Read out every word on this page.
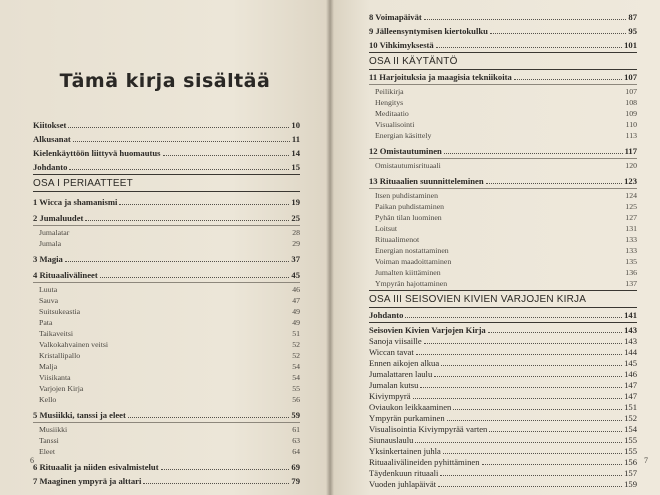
Tämä kirja sisältää
Kiitokset	10
Alkusanat	11
Kielenkäyttöön liittyvä huomautus	14
Johdanto	15
OSA I PERIAATTEET
1 Wicca ja shamanismi	19
2 Jumaluudet	25
Jumalatar	28
Jumala	29
3 Magia	37
4 Rituaalivälineet	45
Luuta	46
Sauva	47
Suitsukeastia	49
Pata	49
Taikaveitsi	51
Valkokahvainen veitsi	52
Kristallipallo	52
Malja	54
Viisikanta	54
Varjojen Kirja	55
Kello	56
5 Musiikki, tanssi ja eleet	59
Musiikki	61
Tanssi	63
Eleet	64
6 Rituaalit ja niiden esivalmistelut	69
7 Maaginen ympyrä ja alttari	79
6
8 Voimapäivät	87
9 Jälleensyntymisen kiertokulku	95
10 Vihkimyksestä	101
OSA II KÄYTÄNTÖ
11 Harjoituksia ja maagisia tekniikoita	107
Peilikirja	107
Hengitys	108
Meditaatio	109
Visualisointi	110
Energian käsittely	113
12 Omistautuminen	117
Omistautumisrituaali	120
13 Rituaalien suunnitteleminen	123
Itsen puhdistaminen	124
Paikan puhdistaminen	125
Pyhän tilan luominen	127
Loitsut	131
Rituaalimenot	133
Energian nostattaminen	133
Voiman maadoittaminen	135
Jumalten kiittäminen	136
Ympyrän hajottaminen	137
OSA III SEISOVIEN KIVIEN VARJOJEN KIRJA
Johdanto	141
Seisovien Kivien Varjojen Kirja	143
Sanoja viisaille	143
Wiccan tavat	144
Ennen aikojen alkua	145
Jumalattaren laulu	146
Jumalan kutsu	147
Kiviympyrä	147
Oviaukon leikkaaminen	151
Ympyrän purkaminen	152
Visualisointia Kiviympyrää varten	154
Siunauslaulu	155
Yksinkertainen juhla	155
Rituaalivälineiden pyhittäminen	156
Täydenkuun rituaali	157
Vuoden juhlapäivät	159
7
